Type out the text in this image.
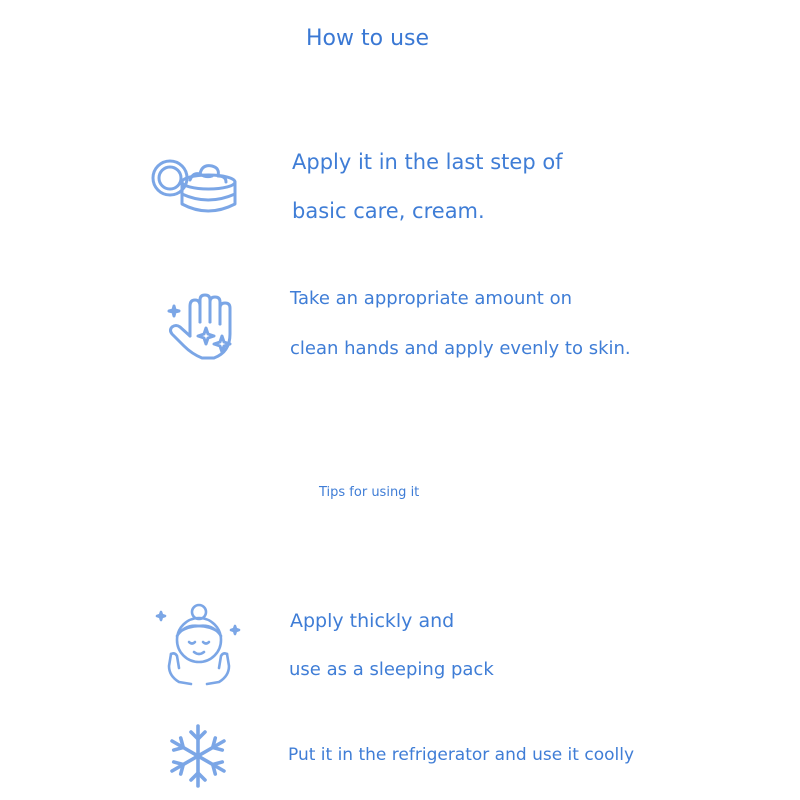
How to use
Apply it in the last step of
basic care, cream.
Take an appropriate amount on
clean hands and apply evenly to skin.
Tips for using it
Apply thickly and
use as a sleeping pack
Put it in the refrigerator and use it coolly
